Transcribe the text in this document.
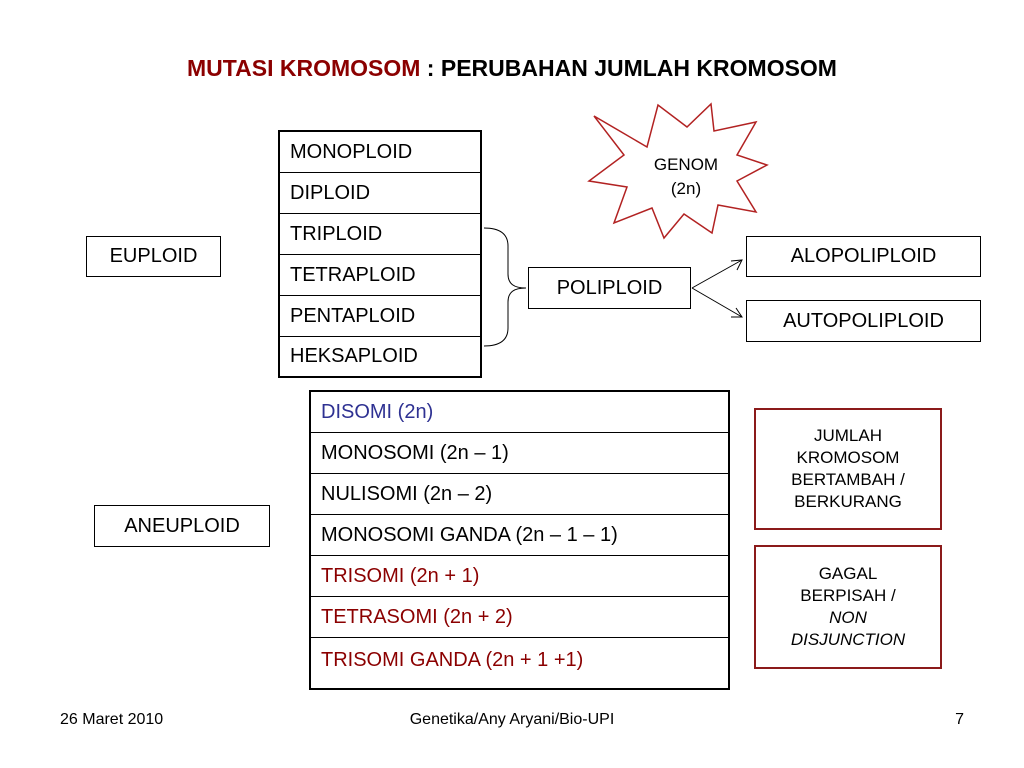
MUTASI KROMOSOM : PERUBAHAN JUMLAH KROMOSOM
GENOM
(2n)
EUPLOID
MONOPLOID
DIPLOID
TRIPLOID
TETRAPLOID
PENTAPLOID
HEKSAPLOID
POLIPLOID
ALOPOLIPLOID
AUTOPOLIPLOID
ANEUPLOID
DISOMI (2n)
MONOSOMI (2n – 1)
NULISOMI (2n – 2)
MONOSOMI GANDA (2n – 1 – 1)
TRISOMI (2n + 1)
TETRASOMI (2n + 2)
TRISOMI GANDA (2n + 1 +1)
JUMLAH
KROMOSOM
BERTAMBAH /
BERKURANG
GAGAL
BERPISAH /
NON
DISJUNCTION
26 Maret 2010	Genetika/Any Aryani/Bio-UPI	7
